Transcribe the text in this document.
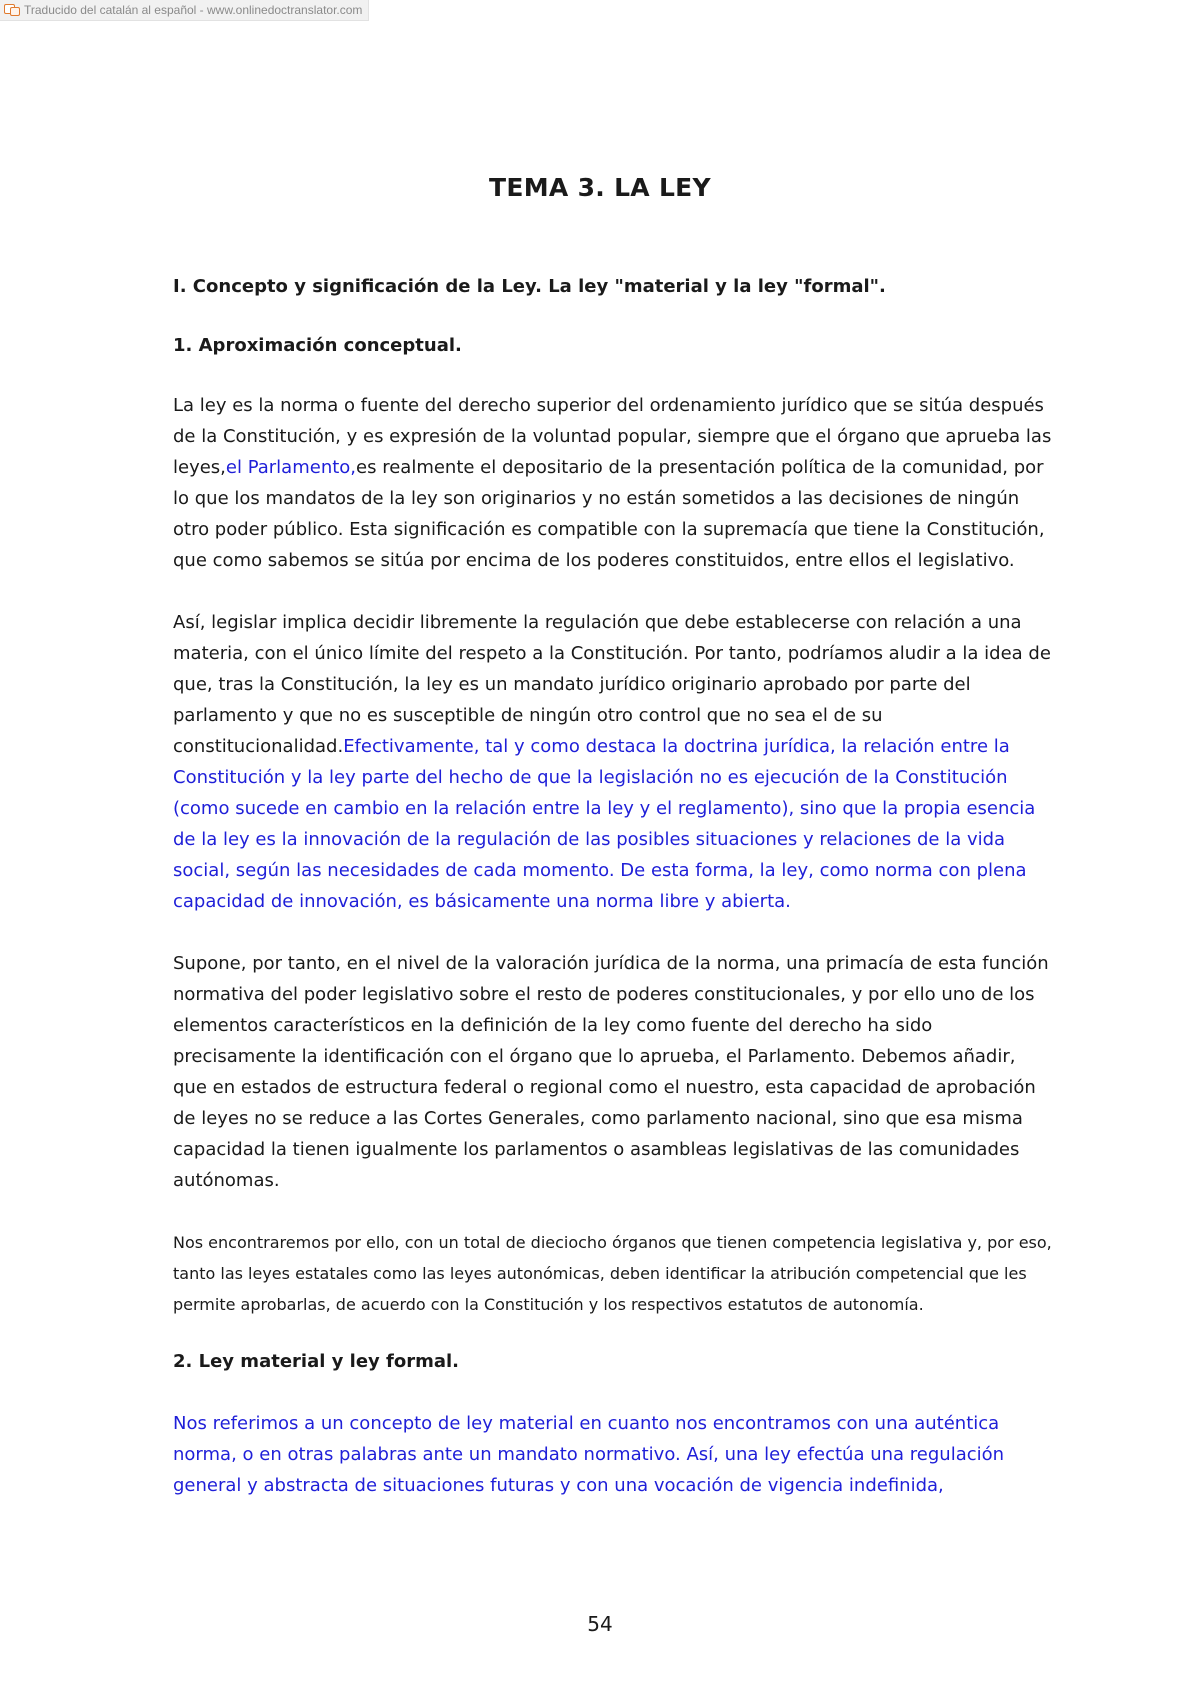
Traducido del catalán al español - www.onlinedoctranslator.com
TEMA 3. LA LEY

I. Concepto y significación de la Ley. La ley "material y la ley "formal".

1. Aproximación conceptual.

La ley es la norma o fuente del derecho superior del ordenamiento jurídico que se sitúa después de la Constitución, y es expresión de la voluntad popular, siempre que el órgano que aprueba las leyes,el Parlamento,es realmente el depositario de la presentación política de la comunidad, por lo que los mandatos de la ley son originarios y no están sometidos a las decisiones de ningún otro poder público. Esta significación es compatible con la supremacía que tiene la Constitución, que como sabemos se sitúa por encima de los poderes constituidos, entre ellos el legislativo.

Así, legislar implica decidir libremente la regulación que debe establecerse con relación a una materia, con el único límite del respeto a la Constitución. Por tanto, podríamos aludir a la idea de que, tras la Constitución, la ley es un mandato jurídico originario aprobado por parte del parlamento y que no es susceptible de ningún otro control que no sea el de su constitucionalidad.Efectivamente, tal y como destaca la doctrina jurídica, la relación entre la Constitución y la ley parte del hecho de que la legislación no es ejecución de la Constitución (como sucede en cambio en la relación entre la ley y el reglamento), sino que la propia esencia de la ley es la innovación de la regulación de las posibles situaciones y relaciones de la vida social, según las necesidades de cada momento. De esta forma, la ley, como norma con plena capacidad de innovación, es básicamente una norma libre y abierta.

Supone, por tanto, en el nivel de la valoración jurídica de la norma, una primacía de esta función normativa del poder legislativo sobre el resto de poderes constitucionales, y por ello uno de los elementos característicos en la definición de la ley como fuente del derecho ha sido precisamente la identificación con el órgano que lo aprueba, el Parlamento. Debemos añadir, que en estados de estructura federal o regional como el nuestro, esta capacidad de aprobación de leyes no se reduce a las Cortes Generales, como parlamento nacional, sino que esa misma capacidad la tienen igualmente los parlamentos o asambleas legislativas de las comunidades autónomas.

Nos encontraremos por ello, con un total de dieciocho órganos que tienen competencia legislativa y, por eso, tanto las leyes estatales como las leyes autonómicas, deben identificar la atribución competencial que les permite aprobarlas, de acuerdo con la Constitución y los respectivos estatutos de autonomía.

2. Ley material y ley formal.

Nos referimos a un concepto de ley material en cuanto nos encontramos con una auténtica norma, o en otras palabras ante un mandato normativo. Así, una ley efectúa una regulación general y abstracta de situaciones futuras y con una vocación de vigencia indefinida,

54
